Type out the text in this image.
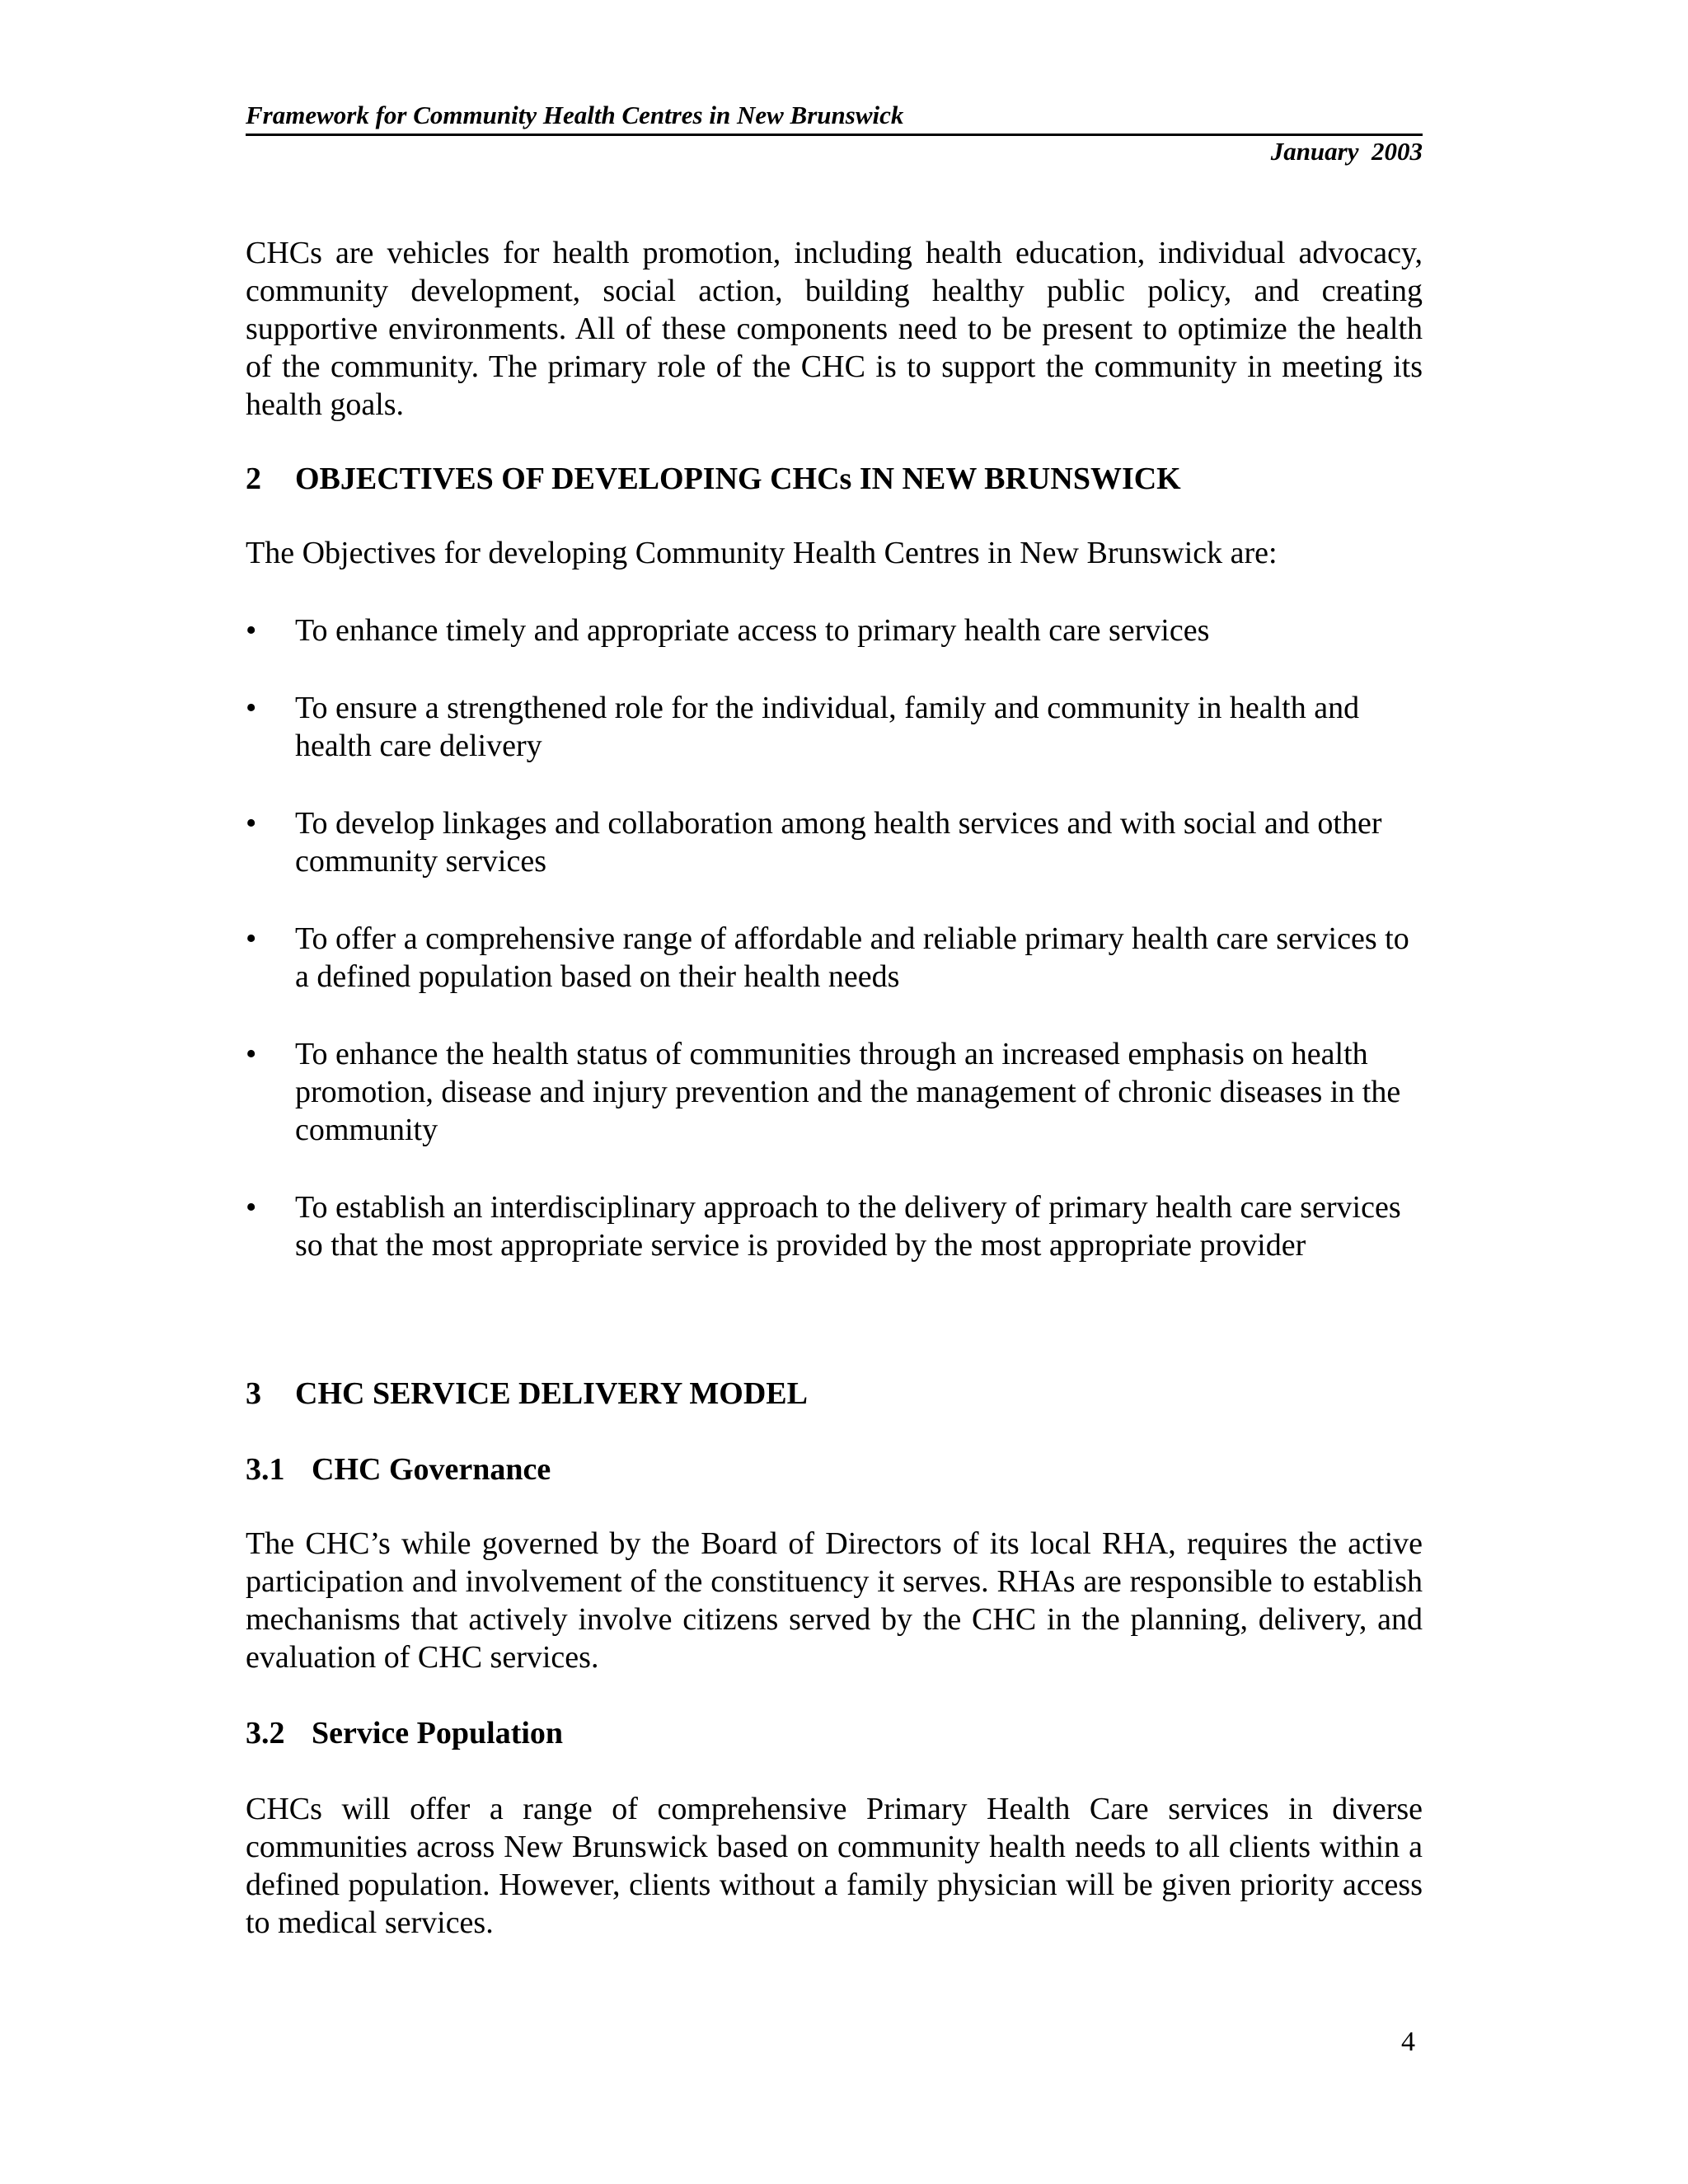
Framework for Community Health Centres in New Brunswick
January  2003
CHCs are vehicles for health promotion, including health education, individual advocacy, community development, social action, building healthy public policy, and creating supportive environments. All of these components need to be present to optimize the health of the community. The primary role of the CHC is to support the community in meeting its health goals.
2 OBJECTIVES OF DEVELOPING CHCs IN NEW BRUNSWICK
The Objectives for developing Community Health Centres in New Brunswick are:
•	To enhance timely and appropriate access to primary health care services
•	To ensure a strengthened role for the individual, family and community in health and health care delivery
•	To develop linkages and collaboration among health services and with social and other community services
•	To offer a comprehensive range of affordable and reliable primary health care services to a defined population based on their health needs
•	To enhance the health status of communities through an increased emphasis on health promotion, disease and injury prevention and the management of chronic diseases in the community
•	To establish an interdisciplinary approach to the delivery of primary health care services so that the most appropriate service is provided by the most appropriate provider
3 CHC SERVICE DELIVERY MODEL
3.1 CHC Governance
The CHC’s while governed by the Board of Directors of its local RHA, requires the active participation and involvement of the constituency it serves. RHAs are responsible to establish mechanisms that actively involve citizens served by the CHC in the planning, delivery, and evaluation of CHC services.
3.2 Service Population
CHCs will offer a range of comprehensive Primary Health Care services in diverse communities across New Brunswick based on community health needs to all clients within a defined population. However, clients without a family physician will be given priority access to medical services.
4
